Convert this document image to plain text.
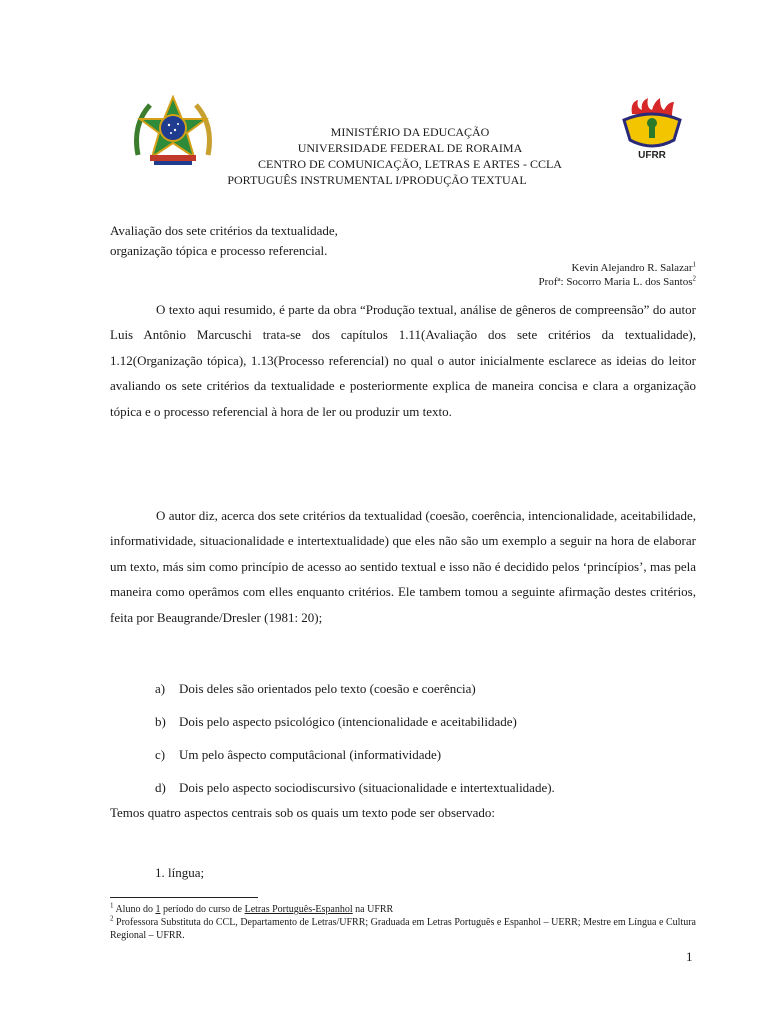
UFRR
MINISTÉRIO DA EDUCAÇÃO
UNIVERSIDADE FEDERAL DE RORAIMA
CENTRO DE COMUNICAÇÃO, LETRAS E ARTES - CCLA
PORTUGUÊS INSTRUMENTAL I/PRODUÇÃO TEXTUAL
Avaliação dos sete critérios da textualidade,
organização tópica e processo referencial.
Kevin Alejandro R. Salazar$^1$
Profª: Socorro Maria L. dos Santos$^2$

O texto aqui resumido, é parte da obra “Produção textual, análise de gêneros de compreensão” do autor Luis Antônio Marcuschi trata-se dos capítulos 1.11(Avaliação dos sete critérios da textualidade), 1.12(Organização tópica), 1.13(Processo referencial) no qual o autor inicialmente esclarece as ideias do leitor avaliando os sete critérios da textualidade e posteriormente explica de maneira concisa e clara a organização tópica e o processo referencial à hora de ler ou produzir um texto.

O autor diz, acerca dos sete critérios da textualidad (coesão, coerência, intencionalidade, aceitabilidade, informatividade, situacionalidade e intertextualidade) que eles não são um exemplo a seguir na hora de elaborar um texto, más sim como princípio de acesso ao sentido textual e isso não é decidido pelos ‘princípios’, mas pela maneira como operâmos com elles enquanto critérios. Ele tambem tomou a seguinte afirmação destes critérios, feita por Beaugrande/Dresler (1981: 20);

a) Dois deles são orientados pelo texto (coesão e coerência)
b) Dois pelo aspecto psicológico (intencionalidade e aceitabilidade)
c) Um pelo âspecto computâcional (informatividade)
d) Dois pelo aspecto sociodiscursivo (situacionalidade e intertextualidade).
Temos quatro aspectos centrais sob os quais um texto pode ser observado:
1. língua;

$^1$ Aluno do 1 período do curso de Letras Português-Espanhol na UFRR

$^2$ Professora Substituta do CCL, Departamento de Letras/UFRR; Graduada em Letras Português e Espanhol – UERR; Mestre em Língua e Cultura Regional – UFRR.

1
